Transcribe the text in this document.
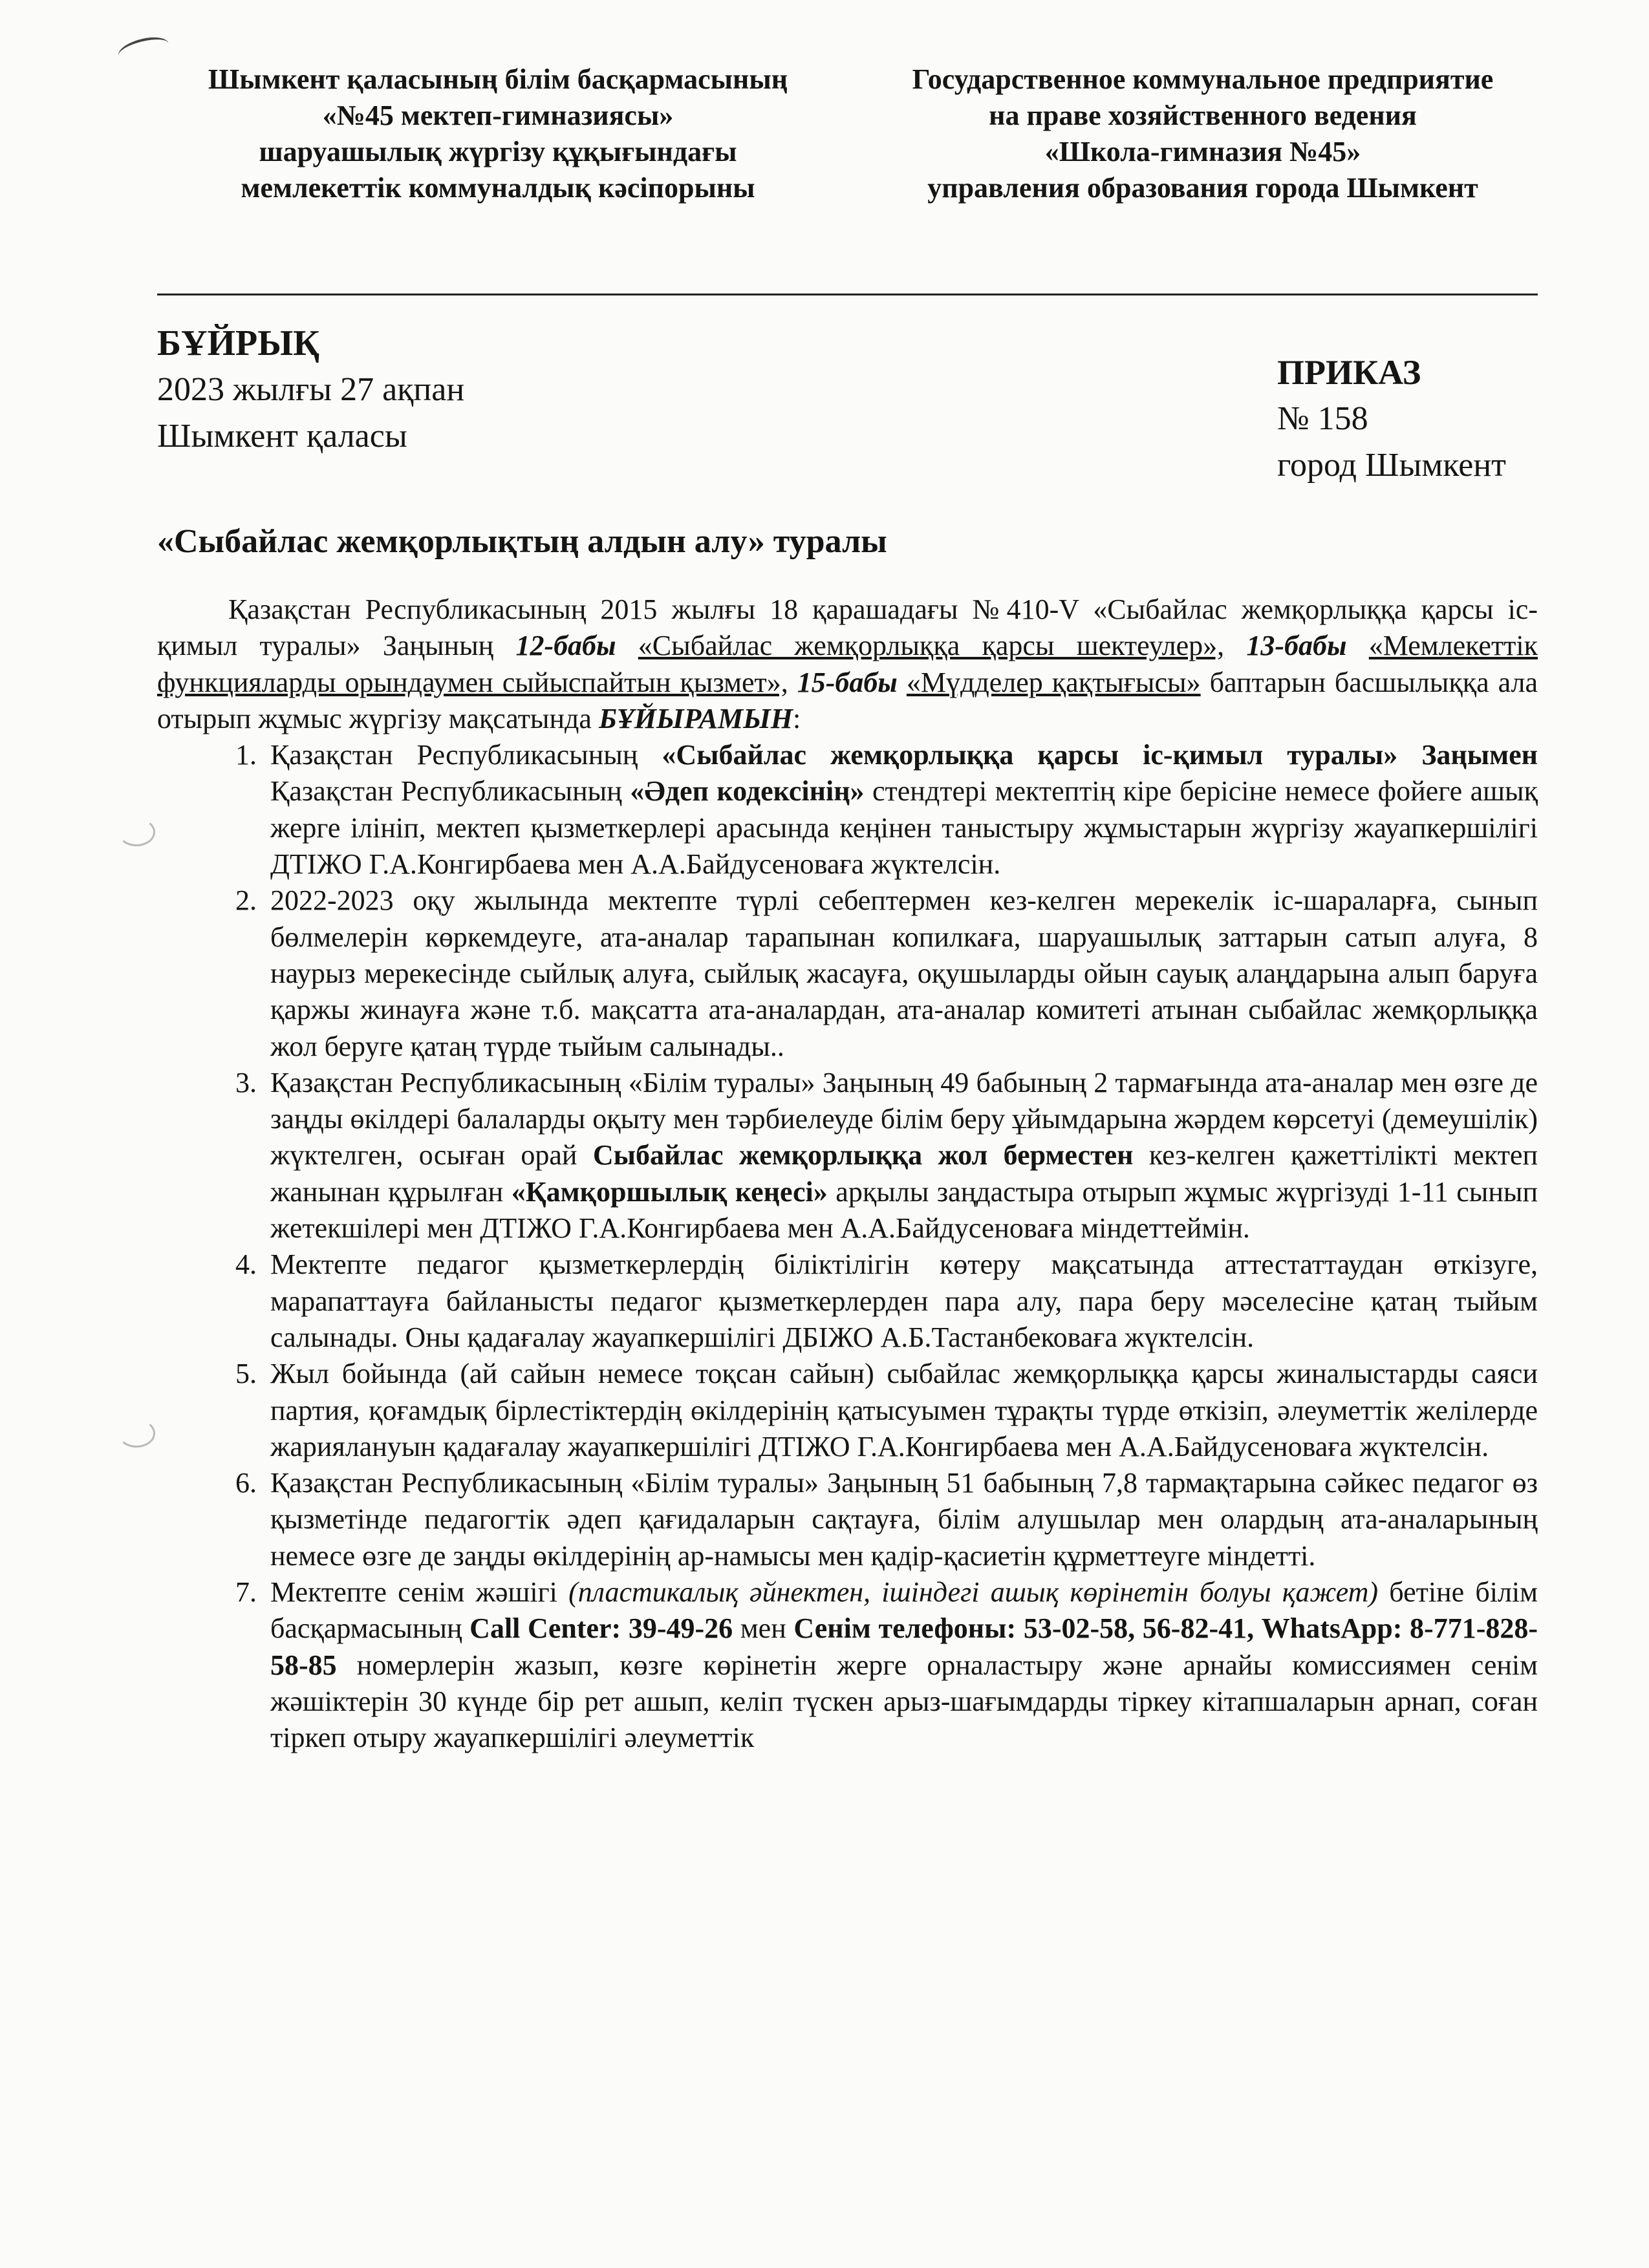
Шымкент қаласының білім басқармасының
«№45 мектеп-гимназиясы»
шаруашылық жүргізу құқығындағы
мемлекеттік коммуналдық кәсіпорыны
Государственное коммунальное предприятие
на праве хозяйственного ведения
«Школа-гимназия №45»
управления образования города Шымкент
БҰЙРЫҚ
2023 жылғы 27 ақпан
Шымкент қаласы
ПРИКАЗ
№ 158
город Шымкент
«Сыбайлас жемқорлықтың алдын алу» туралы

Қазақстан Республикасының 2015 жылғы 18 қарашадағы №410-V «Сыбайлас жемқорлыққа қарсы іс-қимыл туралы» Заңының 12-бабы «Сыбайлас жемқорлыққа қарсы шектеулер», 13-бабы «Мемлекеттік функцияларды орындаумен сыйыспайтын қызмет», 15-бабы «Мүдделер қақтығысы» баптарын басшылыққа ала отырып жұмыс жүргізу мақсатында БҰЙЫРАМЫН:

1. Қазақстан Республикасының «Сыбайлас жемқорлыққа қарсы іс-қимыл туралы» Заңымен Қазақстан Республикасының «Әдеп кодексінің» стендтері мектептің кіре берісіне немесе фойеге ашық жерге ілініп, мектеп қызметкерлері арасында кеңінен таныстыру жұмыстарын жүргізу жауапкершілігі ДТІЖО Г.А.Конгирбаева мен А.А.Байдусеноваға жүктелсін.
2. 2022-2023 оқу жылында мектепте түрлі себептермен кез-келген мерекелік іс-шараларға, сынып бөлмелерін көркемдеуге, ата-аналар тарапынан копилкаға, шаруашылық заттарын сатып алуға, 8 наурыз мерекесінде сыйлық алуға, сыйлық жасауға, оқушыларды ойын сауық алаңдарына алып баруға қаржы жинауға және т.б. мақсатта ата-аналардан, ата-аналар комитеті атынан сыбайлас жемқорлыққа жол беруге қатаң түрде тыйым салынады..
3. Қазақстан Республикасының «Білім туралы» Заңының 49 бабының 2 тармағында ата-аналар мен өзге де заңды өкілдері балаларды оқыту мен тәрбиелеуде білім беру ұйымдарына жәрдем көрсетуі (демеушілік) жүктелген, осыған орай Сыбайлас жемқорлыққа жол берместен кез-келген қажеттілікті мектеп жанынан құрылған «Қамқоршылық кеңесі» арқылы заңдастыра отырып жұмыс жүргізуді 1-11 сынып жетекшілері мен ДТІЖО Г.А.Конгирбаева мен А.А.Байдусеноваға міндеттеймін.
4. Мектепте педагог қызметкерлердің біліктілігін көтеру мақсатында аттестаттаудан өткізуге, марапаттауға байланысты педагог қызметкерлерден пара алу, пара беру мәселесіне қатаң тыйым салынады. Оны қадағалау жауапкершілігі ДБІЖО А.Б.Тастанбековаға жүктелсін.
5. Жыл бойында (ай сайын немесе тоқсан сайын) сыбайлас жемқорлыққа қарсы жиналыстарды саяси партия, қоғамдық бірлестіктердің өкілдерінің қатысуымен тұрақты түрде өткізіп, әлеуметтік желілерде жариялануын қадағалау жауапкершілігі ДТІЖО Г.А.Конгирбаева мен А.А.Байдусеноваға жүктелсін.
6. Қазақстан Республикасының «Білім туралы» Заңының 51 бабының 7,8 тармақтарына сәйкес педагог өз қызметінде педагогтік әдеп қағидаларын сақтауға, білім алушылар мен олардың ата-аналарының немесе өзге де заңды өкілдерінің ар-намысы мен қадір-қасиетін құрметтеуге міндетті.
7. Мектепте сенім жәшігі (пластикалық әйнектен, ішіндегі ашық көрінетін болуы қажет) бетіне білім басқармасының Call Center: 39-49-26 мен Сенім телефоны: 53-02-58, 56-82-41, WhatsApp: 8-771-828-58-85 номерлерін жазып, көзге көрінетін жерге орналастыру және арнайы комиссиямен сенім жәшіктерін 30 күнде бір рет ашып, келіп түскен арыз-шағымдарды тіркеу кітапшаларын арнап, соған тіркеп отыру жауапкершілігі әлеуметтік
